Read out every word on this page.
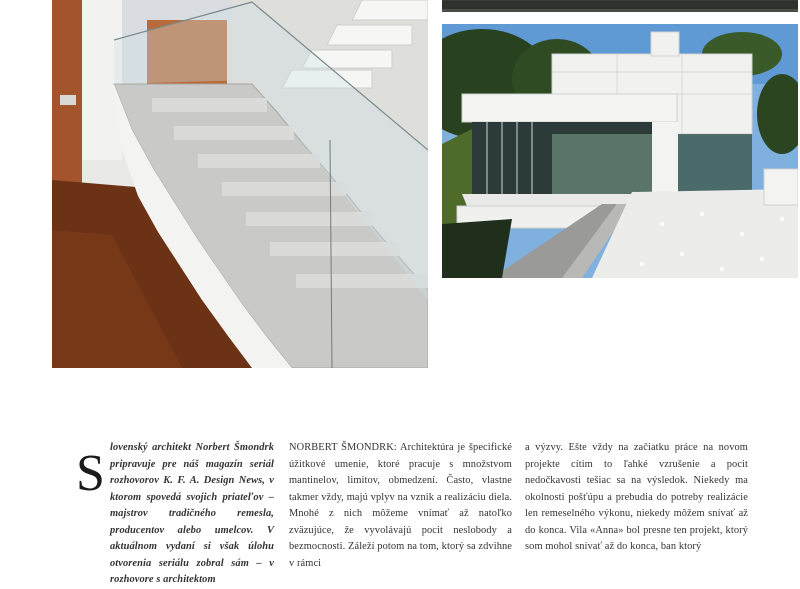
S lovenský architekt Norbert Šmondrk pripravuje pre náš magazín seriál rozhovorov K. F. A. Design News, v ktorom spovedá svojich priateľov – majstrov tradičného remesla, producentov alebo umelcov. V aktuálnom vydaní si však úlohu otvorenia seriálu zobral sám – v rozhovore s architektom
NORBERT ŠMONDRK: Architektúra je špecifické úžitkové umenie, ktoré pracuje s množstvom mantinelov, limitov, obmedzení. Často, vlastne takmer vždy, majú vplyv na vznik a realizáciu diela. Mnohé z nich môžeme vnímať až natoľko zväzujúce, že vyvolávajú pocit neslobody a bezmocnosti. Záleží potom na tom, ktorý sa zdvihne v rámci
a výzvy. Ešte vždy na začiatku práce na novom projekte cítim to ľahké vzrušenie a pocit nedočkavosti tešiac sa na výsledok. Niekedy ma okolnosti pošťúpu a prebudia do potreby realizácie len remeselného výkonu, niekedy môžem snívať až do konca. Vila «Anna» bol presne ten projekt, ktorý som mohol snívať až do konca, ban ktorý
